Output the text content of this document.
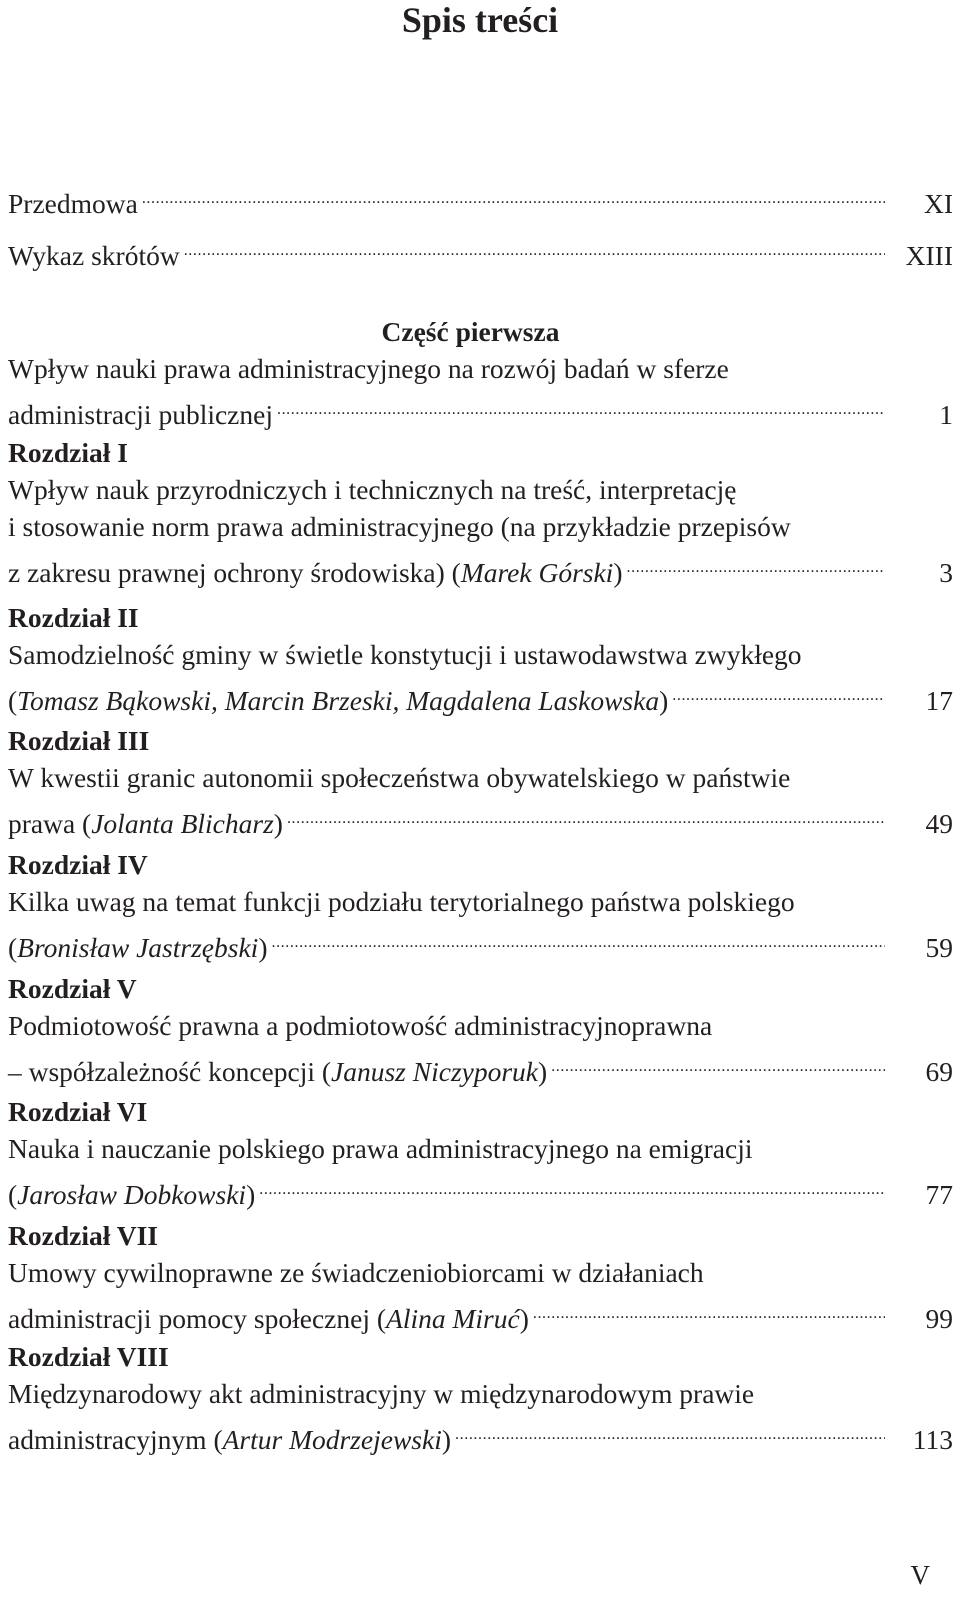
Spis treści
Przedmowa .....	XI
Wykaz skrótów .....	XIII
Część pierwsza
Wpływ nauki prawa administracyjnego na rozwój badań w sferze
administracji publicznej .....	1
Rozdział I
Wpływ nauk przyrodniczych i technicznych na treść, interpretację
i stosowanie norm prawa administracyjnego (na przykładzie przepisów
z zakresu prawnej ochrony środowiska) (Marek Górski) .....	3
Rozdział II
Samodzielność gminy w świetle konstytucji i ustawodawstwa zwykłego
(Tomasz Bąkowski, Marcin Brzeski, Magdalena Laskowska) .....	17
Rozdział III
W kwestii granic autonomii społeczeństwa obywatelskiego w państwie
prawa (Jolanta Blicharz) .....	49
Rozdział IV
Kilka uwag na temat funkcji podziału terytorialnego państwa polskiego
(Bronisław Jastrzębski) .....	59
Rozdział V
Podmiotowość prawna a podmiotowość administracyjnoprawna
– współzależność koncepcji (Janusz Niczyporuk) .....	69
Rozdział VI
Nauka i nauczanie polskiego prawa administracyjnego na emigracji
(Jarosław Dobkowski) .....	77
Rozdział VII
Umowy cywilnoprawne ze świadczeniobiorcami w działaniach
administracji pomocy społecznej (Alina Miruć) .....	99
Rozdział VIII
Międzynarodowy akt administracyjny w międzynarodowym prawie
administracyjnym (Artur Modrzejewski) .....	113
V
